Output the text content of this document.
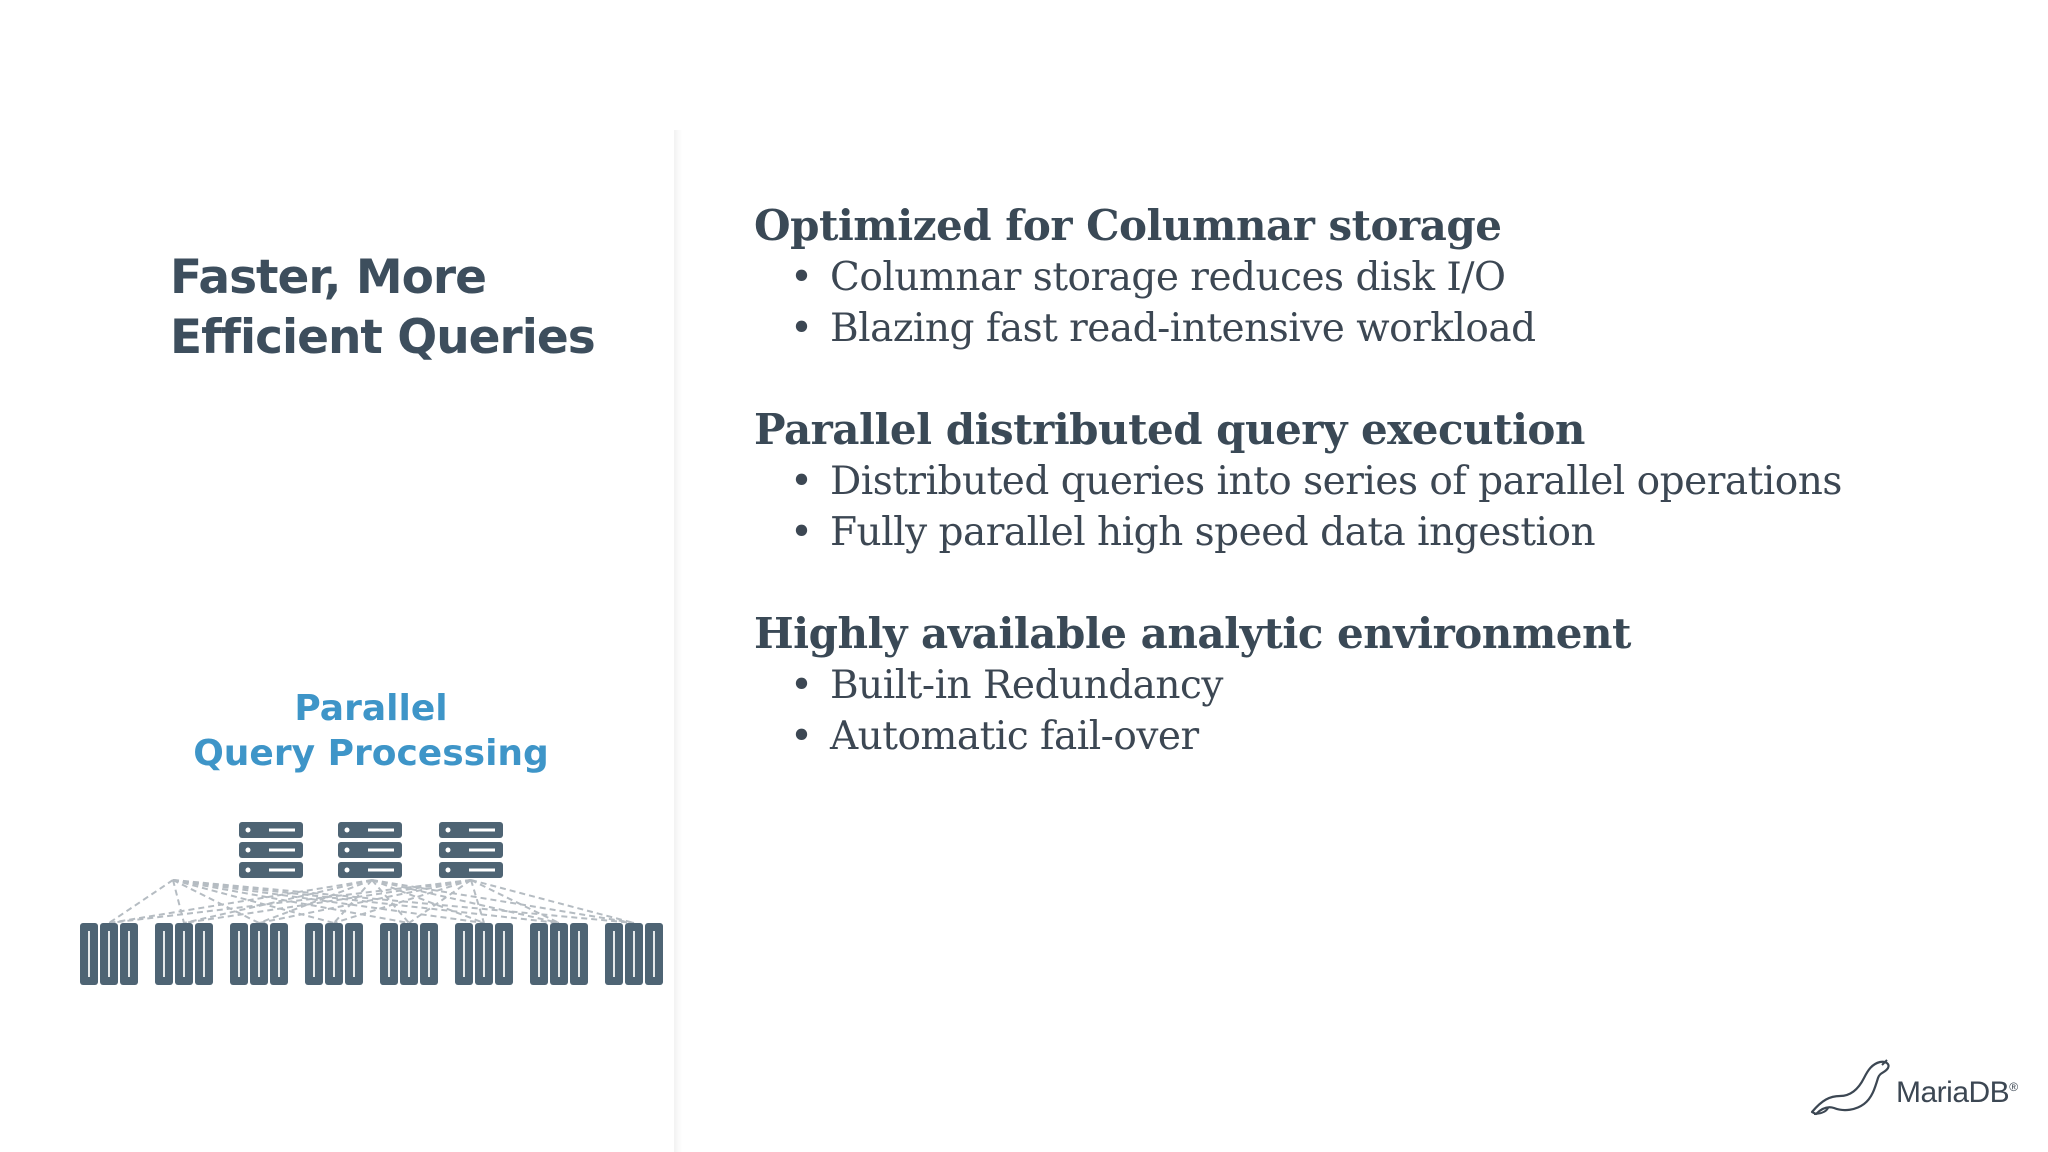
Faster, More
Efficient Queries
Parallel
Query Processing
Optimized for Columnar storage
• Columnar storage reduces disk I/O
• Blazing fast read-intensive workload
Parallel distributed query execution
• Distributed queries into series of parallel operations
• Fully parallel high speed data ingestion
Highly available analytic environment
• Built-in Redundancy
• Automatic fail-over
MariaDB®
